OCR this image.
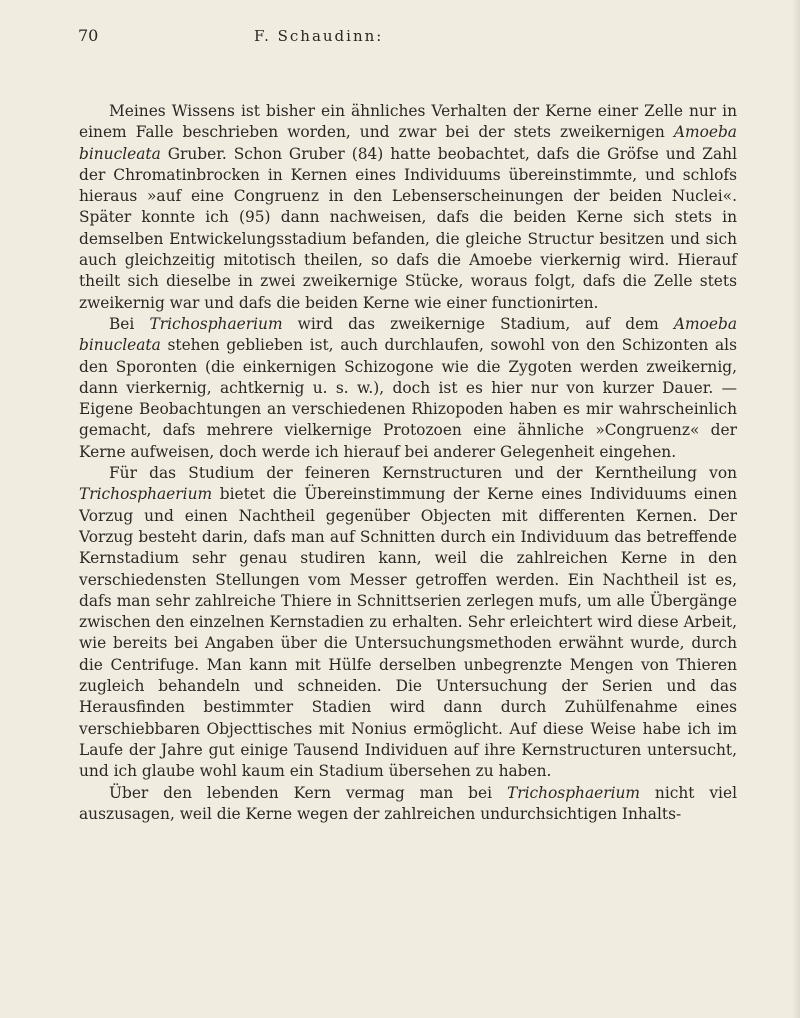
70	F. Schaudinn:

Meines Wissens ist bisher ein ähnliches Verhalten der Kerne einer Zelle nur in einem Falle beschrieben worden, und zwar bei der stets zweikernigen Amoeba binucleata Gruber. Schon Gruber (84) hatte beobachtet, dafs die Gröfse und Zahl der Chromatinbrocken in Kernen eines Individuums übereinstimmte, und schlofs hieraus »auf eine Congruenz in den Lebenserscheinungen der beiden Nuclei«. Später konnte ich (95) dann nachweisen, dafs die beiden Kerne sich stets in demselben Entwickelungsstadium befanden, die gleiche Structur besitzen und sich auch gleichzeitig mitotisch theilen, so dafs die Amoebe vierkernig wird. Hierauf theilt sich dieselbe in zwei zweikernige Stücke, woraus folgt, dafs die Zelle stets zweikernig war und dafs die beiden Kerne wie einer functionirten.

Bei Trichosphaerium wird das zweikernige Stadium, auf dem Amoeba binucleata stehen geblieben ist, auch durchlaufen, sowohl von den Schizonten als den Sporonten (die einkernigen Schizogone wie die Zygoten werden zweikernig, dann vierkernig, achtkernig u. s. w.), doch ist es hier nur von kurzer Dauer. — Eigene Beobachtungen an verschiedenen Rhizopoden haben es mir wahrscheinlich gemacht, dafs mehrere vielkernige Protozoen eine ähnliche »Congruenz« der Kerne aufweisen, doch werde ich hierauf bei anderer Gelegenheit eingehen.

Für das Studium der feineren Kernstructuren und der Kerntheilung von Trichosphaerium bietet die Übereinstimmung der Kerne eines Individuums einen Vorzug und einen Nachtheil gegenüber Objecten mit differenten Kernen. Der Vorzug besteht darin, dafs man auf Schnitten durch ein Individuum das betreffende Kernstadium sehr genau studiren kann, weil die zahlreichen Kerne in den verschiedensten Stellungen vom Messer getroffen werden. Ein Nachtheil ist es, dafs man sehr zahlreiche Thiere in Schnittserien zerlegen mufs, um alle Übergänge zwischen den einzelnen Kernstadien zu erhalten. Sehr erleichtert wird diese Arbeit, wie bereits bei Angaben über die Untersuchungsmethoden erwähnt wurde, durch die Centrifuge. Man kann mit Hülfe derselben unbegrenzte Mengen von Thieren zugleich behandeln und schneiden. Die Untersuchung der Serien und das Herausfinden bestimmter Stadien wird dann durch Zuhülfenahme eines verschiebbaren Objecttisches mit Nonius ermöglicht. Auf diese Weise habe ich im Laufe der Jahre gut einige Tausend Individuen auf ihre Kernstructuren untersucht, und ich glaube wohl kaum ein Stadium übersehen zu haben.

Über den lebenden Kern vermag man bei Trichosphaerium nicht viel auszusagen, weil die Kerne wegen der zahlreichen undurchsichtigen Inhalts-
